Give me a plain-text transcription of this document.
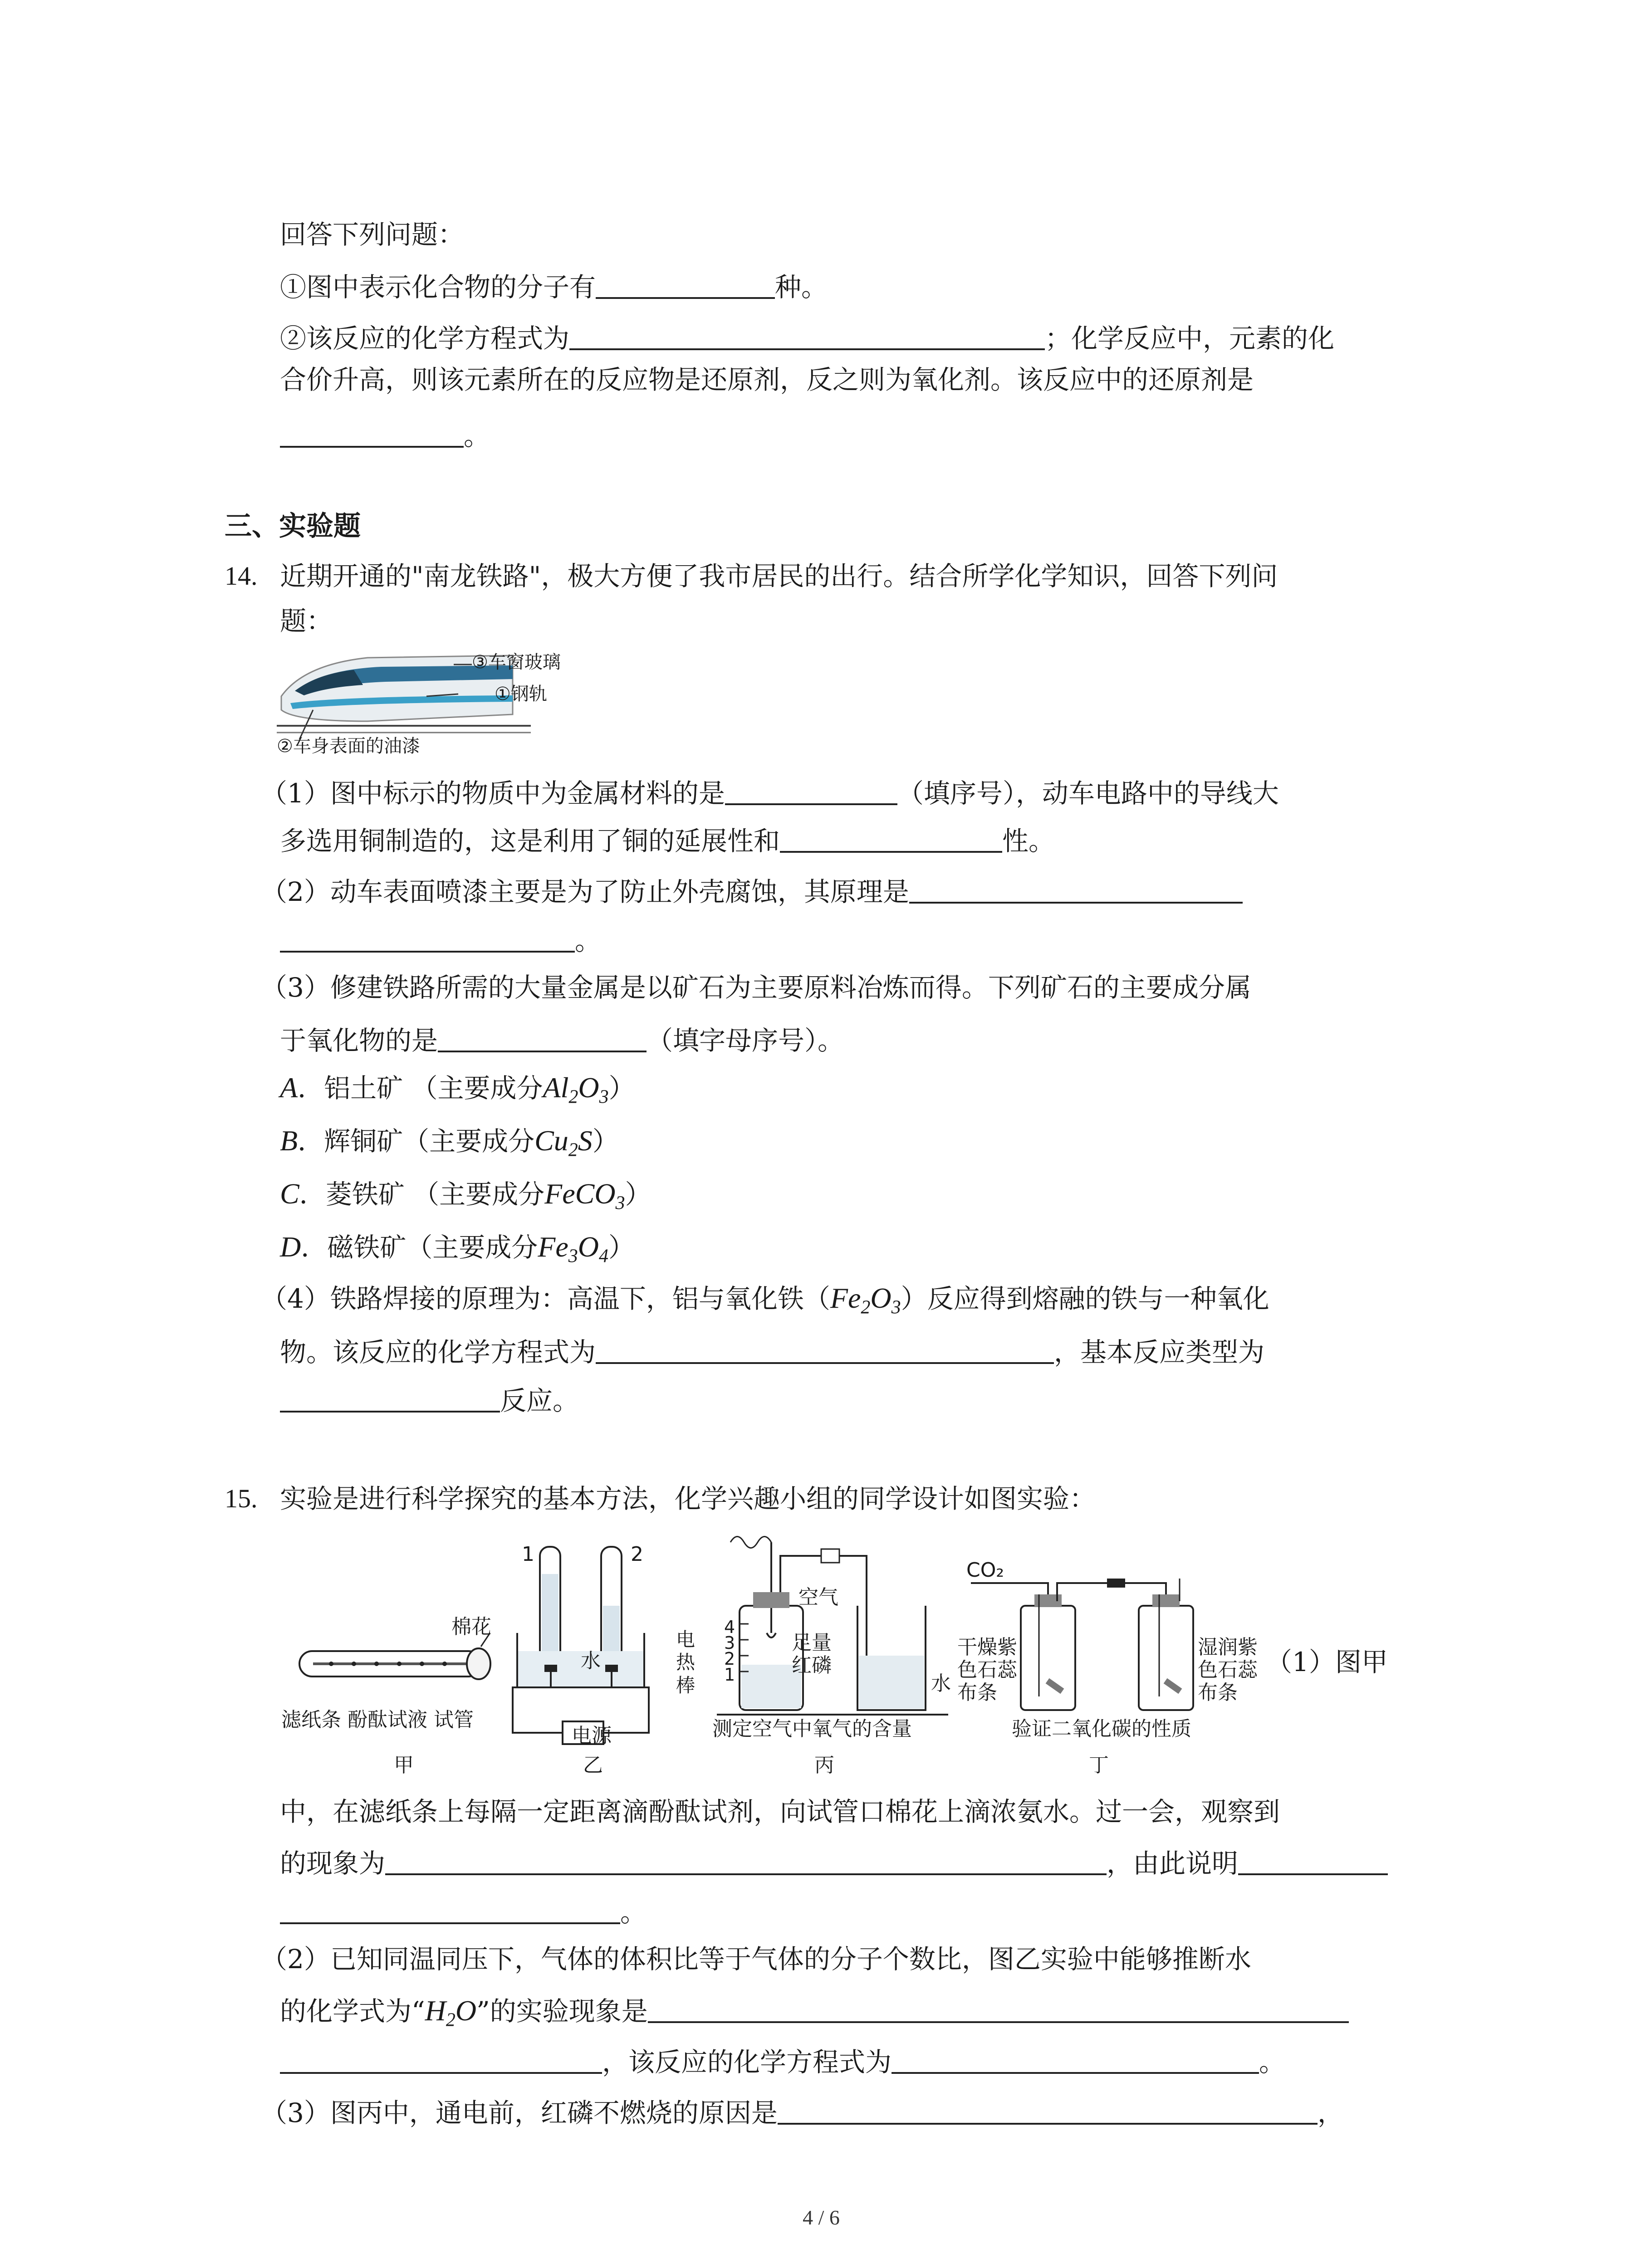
回答下列问题：
①图中表示化合物的分子有	种。
②该反应的化学方程式为	；化学反应中，元素的化
合价升高，则该元素所在的反应物是还原剂，反之则为氧化剂。该反应中的还原剂是
。
三、实验题
14. 近期开通的"南龙铁路"，极大方便了我市居民的出行。结合所学化学知识，回答下列问
题：
③车窗玻璃
①钢轨
②车身表面的油漆
（1）图中标示的物质中为金属材料的是	（填序号），动车电路中的导线大
多选用铜制造的，这是利用了铜的延展性和	性。
（2）动车表面喷漆主要是为了防止外壳腐蚀，其原理是
。
（3）修建铁路所需的大量金属是以矿石为主要原料冶炼而得。下列矿石的主要成分属
于氧化物的是	（填字母序号）。
A．铝土矿 （主要成分$Al_2O_3$）
B．辉铜矿（主要成分$Cu_2S$）
C．菱铁矿 （主要成分FeCO$_3$）
D．磁铁矿（主要成分$Fe_3O_4$）
（4）铁路焊接的原理为：高温下，铝与氧化铁$(Fe_2O_3)$反应得到熔融的铁与一种氧化
物。该反应的化学方程式为	，基本反应类型为
反应。
15. 实验是进行科学探究的基本方法，化学兴趣小组的同学设计如图实验：
棉花
滤纸条 酚酞试液 试管
甲
1	2
水
电源
乙
电热棒
4
3
2
1
空气
足量
红磷
水
测定空气中氧气的含量
丙
CO₂
干燥紫
色石蕊
布条
湿润紫
色石蕊
布条
验证二氧化碳的性质
丁
（1）图甲
中，在滤纸条上每隔一定距离滴酚酞试剂，向试管口棉花上滴浓氨水。过一会，观察到
的现象为	，由此说明
。
（2）已知同温同压下，气体的体积比等于气体的分子个数比，图乙实验中能够推断水
的化学式为“$H_2O$”的实验现象是
，该反应的化学方程式为	。
（3）图丙中，通电前，红磷不燃烧的原因是	，
4 / 6
